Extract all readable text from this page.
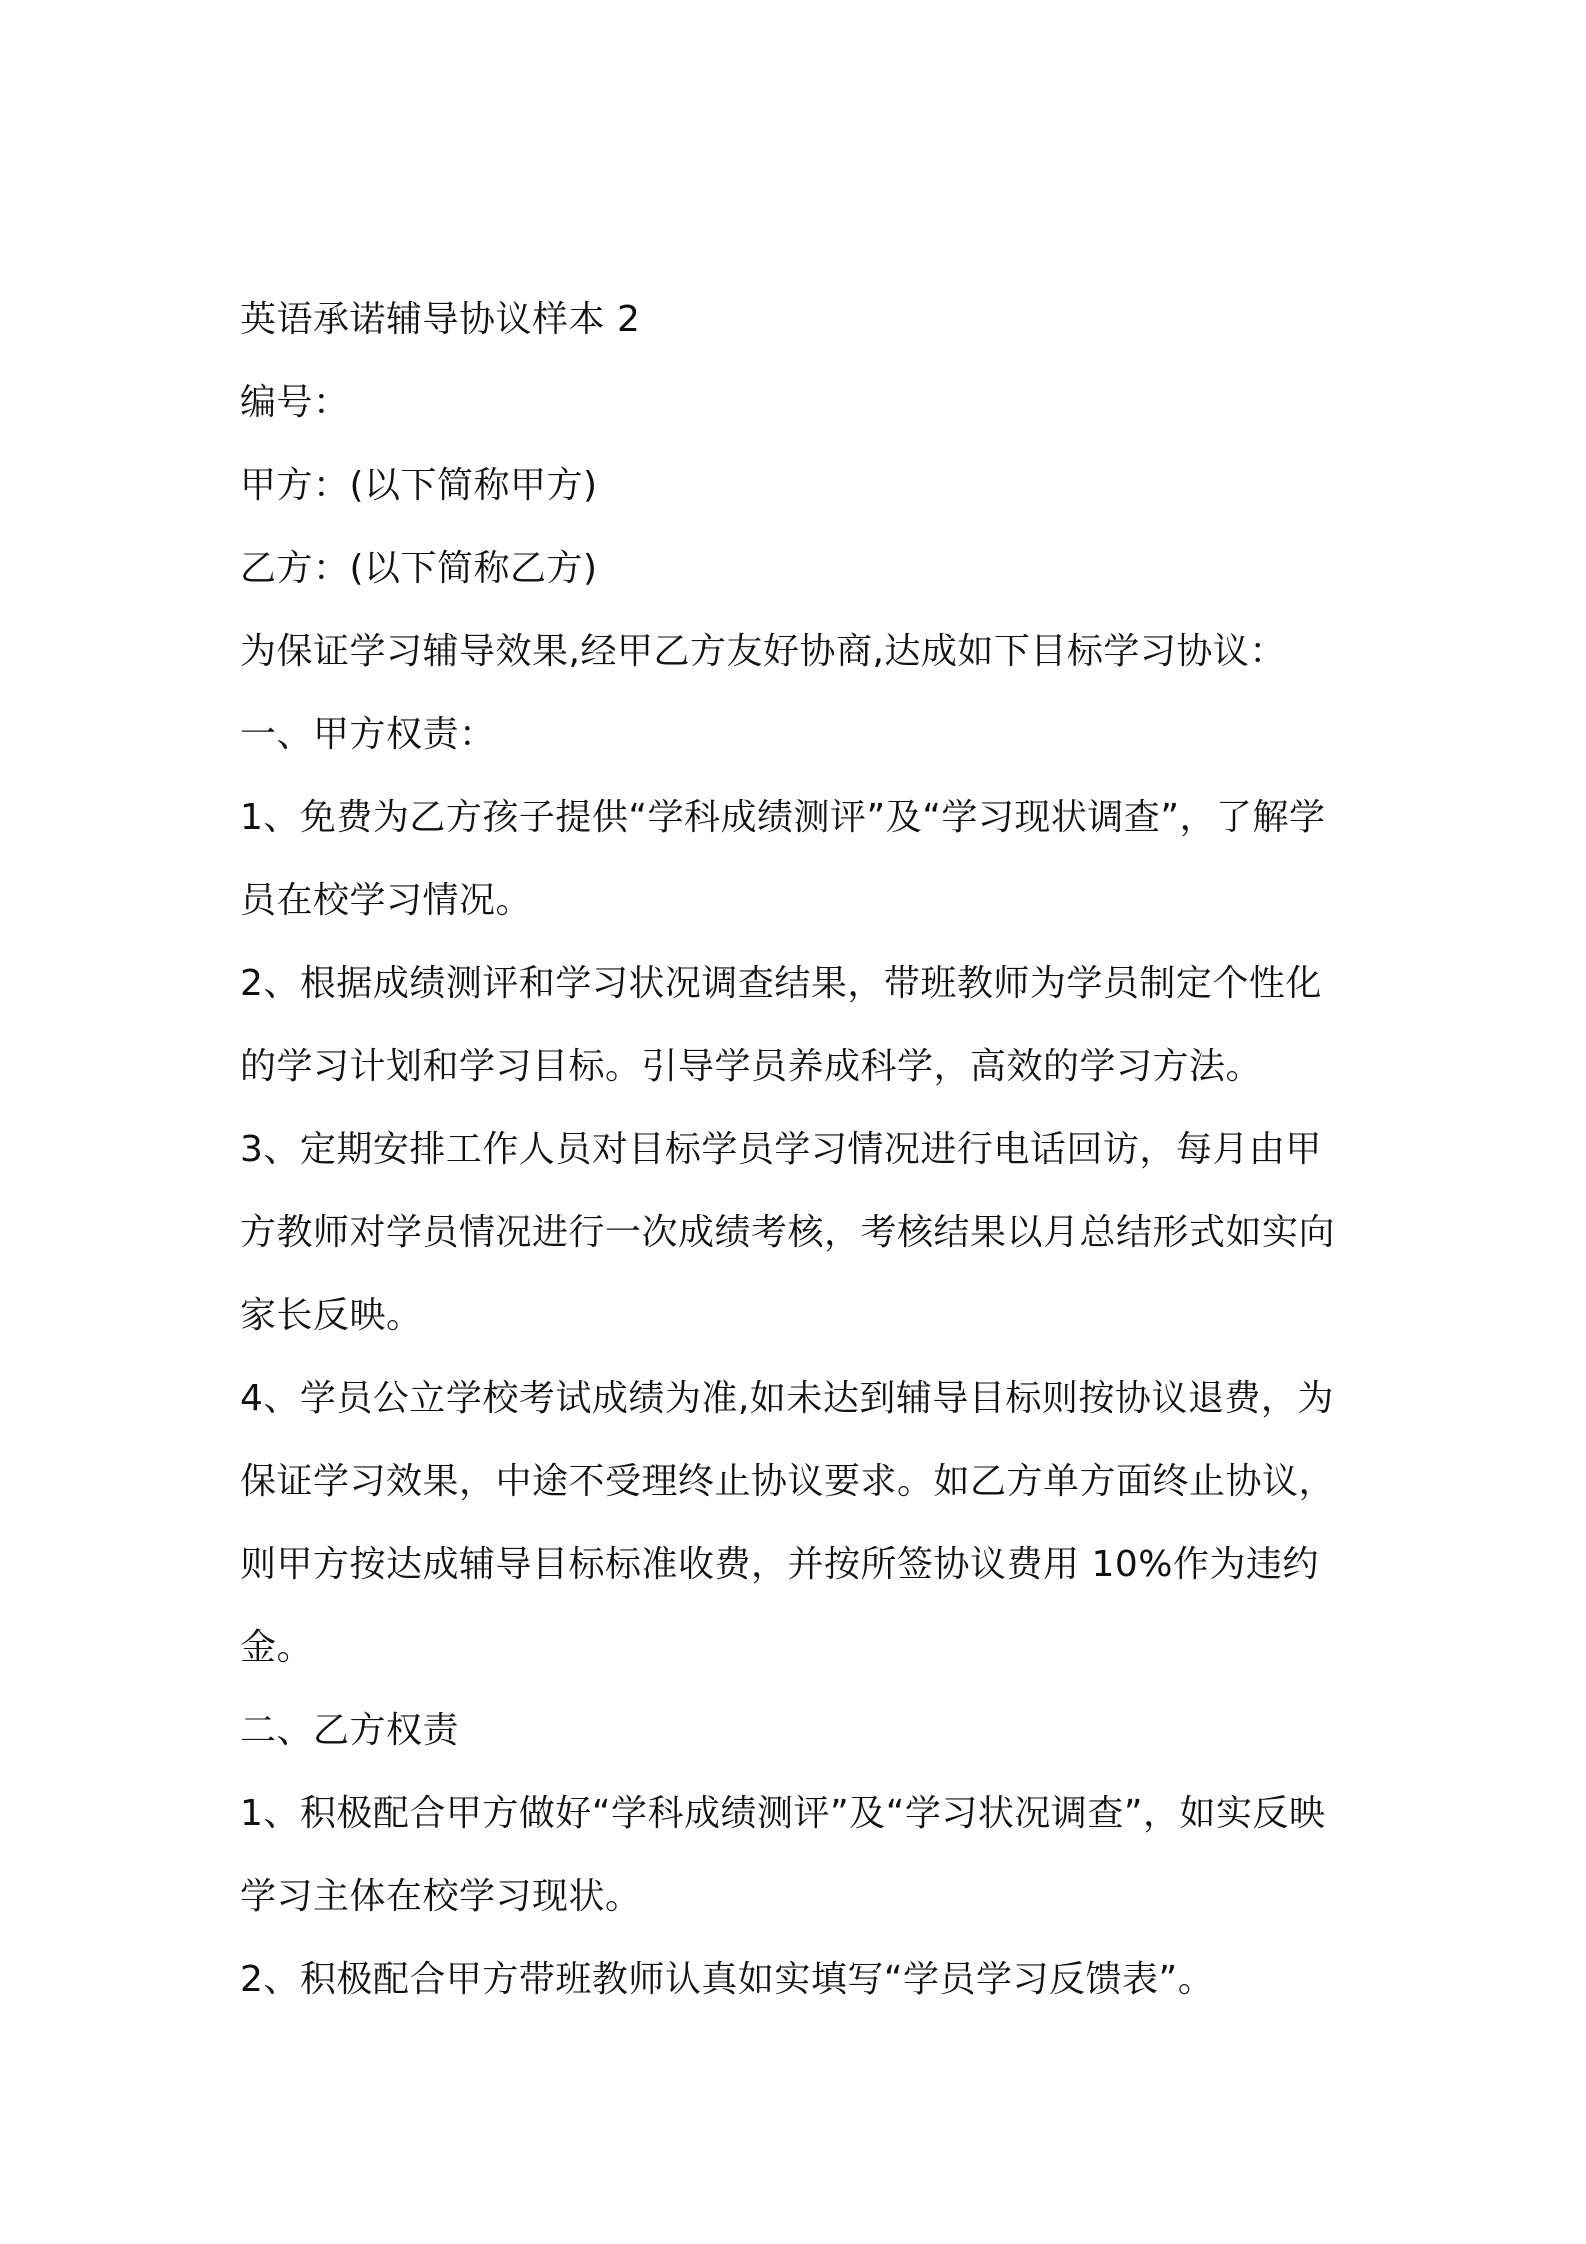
英语承诺辅导协议样本 2

编号：

甲方：(以下简称甲方)

乙方：(以下简称乙方)

为保证学习辅导效果,经甲乙方友好协商,达成如下目标学习协议：

一、甲方权责：

1、免费为乙方孩子提供“学科成绩测评”及“学习现状调查”，了解学员在校学习情况。

2、根据成绩测评和学习状况调查结果，带班教师为学员制定个性化的学习计划和学习目标。引导学员养成科学，高效的学习方法。

3、定期安排工作人员对目标学员学习情况进行电话回访，每月由甲方教师对学员情况进行一次成绩考核，考核结果以月总结形式如实向家长反映。

4、学员公立学校考试成绩为准,如未达到辅导目标则按协议退费，为保证学习效果，中途不受理终止协议要求。如乙方单方面终止协议，则甲方按达成辅导目标标准收费，并按所签协议费用 10%作为违约金。

二、乙方权责

1、积极配合甲方做好“学科成绩测评”及“学习状况调查”，如实反映学习主体在校学习现状。

2、积极配合甲方带班教师认真如实填写“学员学习反馈表”。
